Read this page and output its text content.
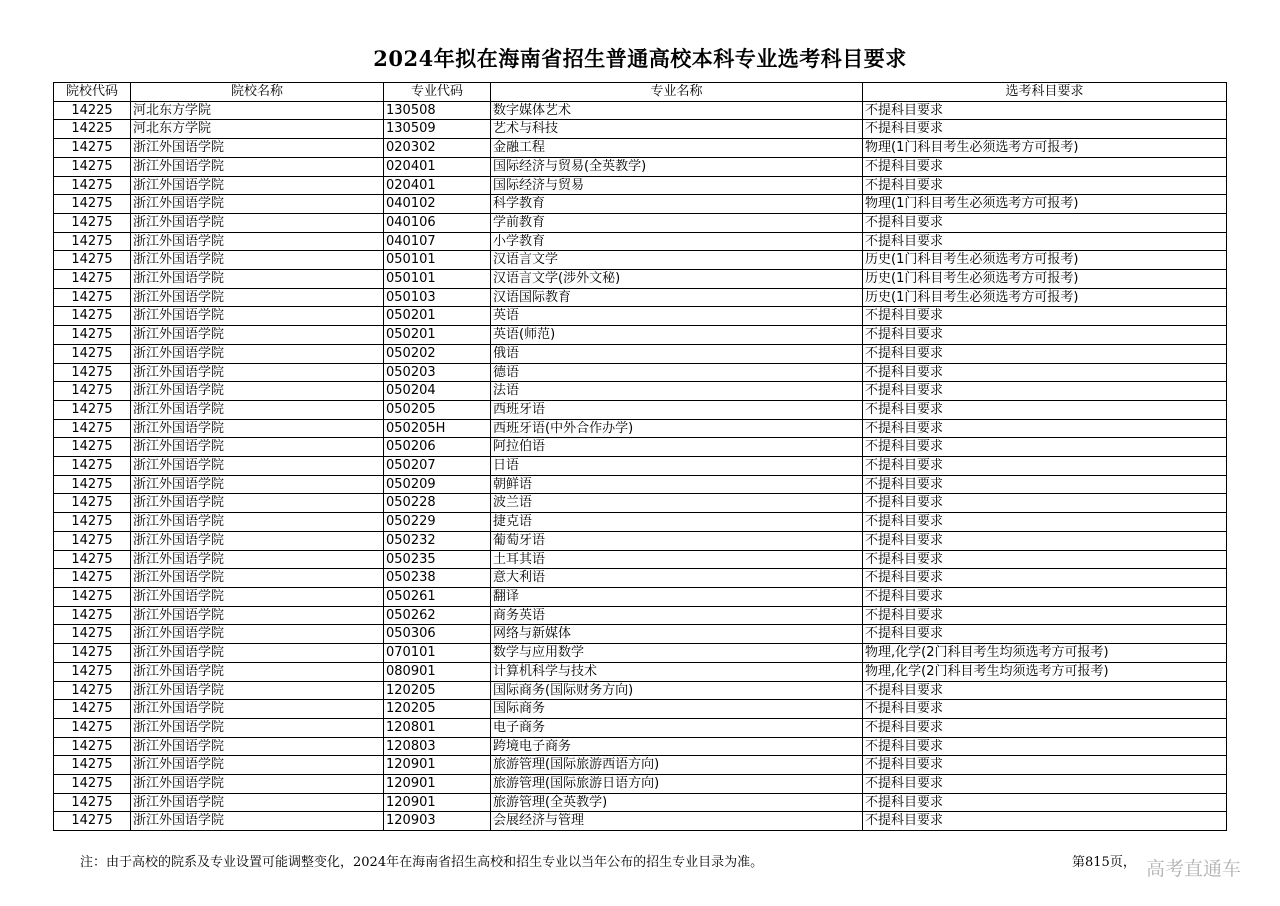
2024年拟在海南省招生普通高校本科专业选考科目要求
院校代码	院校名称	专业代码	专业名称	选考科目要求
14225	河北东方学院	130508	数字媒体艺术	不提科目要求
14225	河北东方学院	130509	艺术与科技	不提科目要求
14275	浙江外国语学院	020302	金融工程	物理(1门科目考生必须选考方可报考)
14275	浙江外国语学院	020401	国际经济与贸易(全英教学)	不提科目要求
14275	浙江外国语学院	020401	国际经济与贸易	不提科目要求
14275	浙江外国语学院	040102	科学教育	物理(1门科目考生必须选考方可报考)
14275	浙江外国语学院	040106	学前教育	不提科目要求
14275	浙江外国语学院	040107	小学教育	不提科目要求
14275	浙江外国语学院	050101	汉语言文学	历史(1门科目考生必须选考方可报考)
14275	浙江外国语学院	050101	汉语言文学(涉外文秘)	历史(1门科目考生必须选考方可报考)
14275	浙江外国语学院	050103	汉语国际教育	历史(1门科目考生必须选考方可报考)
14275	浙江外国语学院	050201	英语	不提科目要求
14275	浙江外国语学院	050201	英语(师范)	不提科目要求
14275	浙江外国语学院	050202	俄语	不提科目要求
14275	浙江外国语学院	050203	德语	不提科目要求
14275	浙江外国语学院	050204	法语	不提科目要求
14275	浙江外国语学院	050205	西班牙语	不提科目要求
14275	浙江外国语学院	050205H	西班牙语(中外合作办学)	不提科目要求
14275	浙江外国语学院	050206	阿拉伯语	不提科目要求
14275	浙江外国语学院	050207	日语	不提科目要求
14275	浙江外国语学院	050209	朝鲜语	不提科目要求
14275	浙江外国语学院	050228	波兰语	不提科目要求
14275	浙江外国语学院	050229	捷克语	不提科目要求
14275	浙江外国语学院	050232	葡萄牙语	不提科目要求
14275	浙江外国语学院	050235	土耳其语	不提科目要求
14275	浙江外国语学院	050238	意大利语	不提科目要求
14275	浙江外国语学院	050261	翻译	不提科目要求
14275	浙江外国语学院	050262	商务英语	不提科目要求
14275	浙江外国语学院	050306	网络与新媒体	不提科目要求
14275	浙江外国语学院	070101	数学与应用数学	物理,化学(2门科目考生均须选考方可报考)
14275	浙江外国语学院	080901	计算机科学与技术	物理,化学(2门科目考生均须选考方可报考)
14275	浙江外国语学院	120205	国际商务(国际财务方向)	不提科目要求
14275	浙江外国语学院	120205	国际商务	不提科目要求
14275	浙江外国语学院	120801	电子商务	不提科目要求
14275	浙江外国语学院	120803	跨境电子商务	不提科目要求
14275	浙江外国语学院	120901	旅游管理(国际旅游西语方向)	不提科目要求
14275	浙江外国语学院	120901	旅游管理(国际旅游日语方向)	不提科目要求
14275	浙江外国语学院	120901	旅游管理(全英教学)	不提科目要求
14275	浙江外国语学院	120903	会展经济与管理	不提科目要求
注：由于高校的院系及专业设置可能调整变化，2024年在海南省招生高校和招生专业以当年公布的招生专业目录为准。	第815页， 高考直通车
